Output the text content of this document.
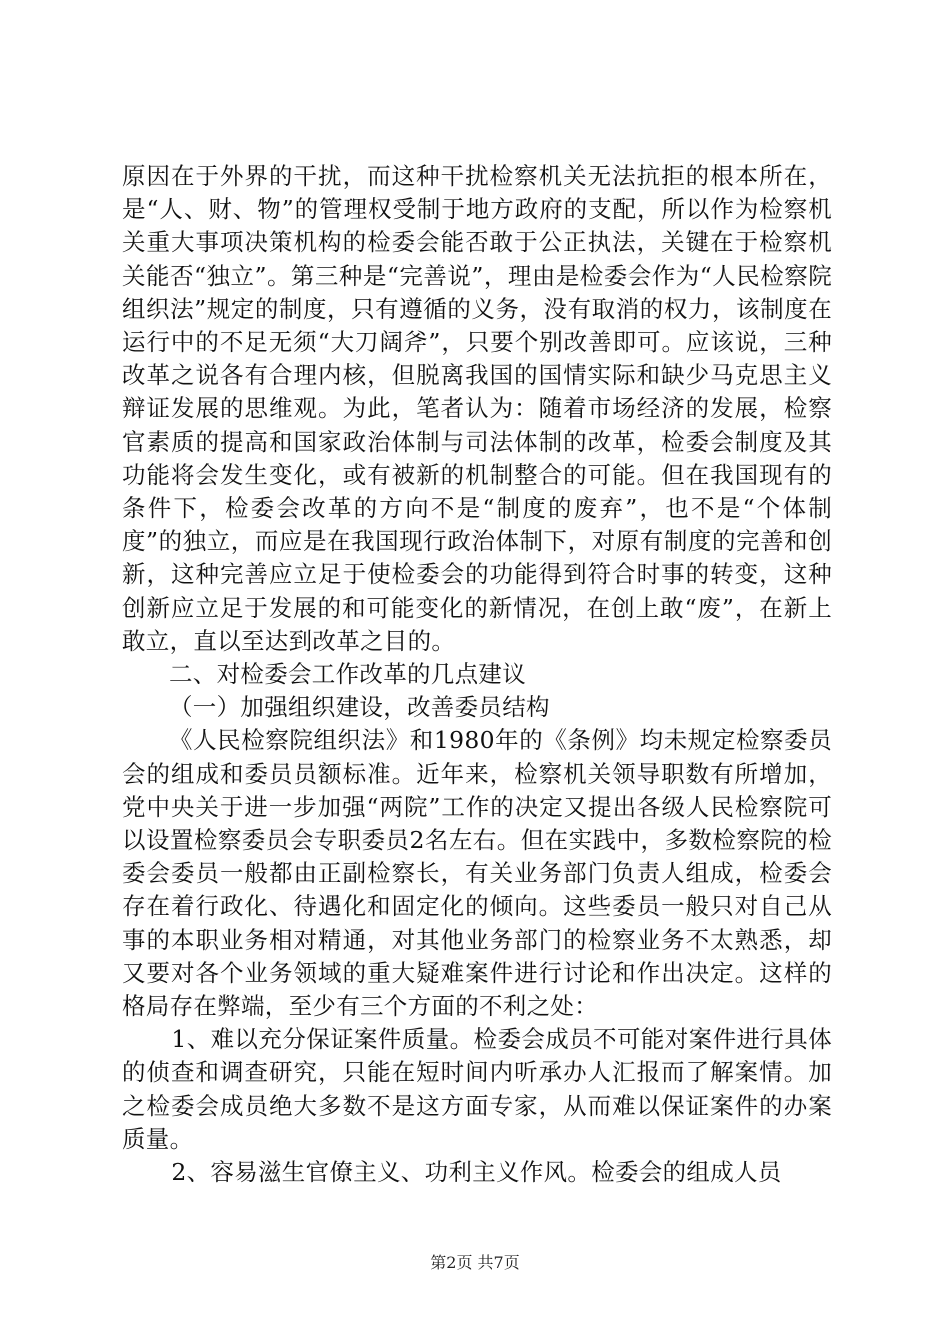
原因在于外界的干扰，而这种干扰检察机关无法抗拒的根本所在，是“人、财、物”的管理权受制于地方政府的支配，所以作为检察机关重大事项决策机构的检委会能否敢于公正执法，关键在于检察机关能否“独立”。第三种是“完善说”，理由是检委会作为“人民检察院组织法”规定的制度，只有遵循的义务，没有取消的权力，该制度在运行中的不足无须“大刀阔斧”，只要个别改善即可。应该说，三种改革之说各有合理内核，但脱离我国的国情实际和缺少马克思主义辩证发展的思维观。为此，笔者认为：随着市场经济的发展，检察官素质的提高和国家政治体制与司法体制的改革，检委会制度及其功能将会发生变化，或有被新的机制整合的可能。但在我国现有的条件下，检委会改革的方向不是“制度的废弃”，也不是“个体制度”的独立，而应是在我国现行政治体制下，对原有制度的完善和创新，这种完善应立足于使检委会的功能得到符合时事的转变，这种创新应立足于发展的和可能变化的新情况，在创上敢“废”，在新上敢立，直以至达到改革之目的。

二、对检委会工作改革的几点建议

（一）加强组织建设，改善委员结构

《人民检察院组织法》和1980年的《条例》均未规定检察委员会的组成和委员员额标准。近年来，检察机关领导职数有所增加，党中央关于进一步加强“两院”工作的决定又提出各级人民检察院可以设置检察委员会专职委员2名左右。但在实践中，多数检察院的检委会委员一般都由正副检察长，有关业务部门负责人组成，检委会存在着行政化、待遇化和固定化的倾向。这些委员一般只对自己从事的本职业务相对精通，对其他业务部门的检察业务不太熟悉，却又要对各个业务领域的重大疑难案件进行讨论和作出决定。这样的格局存在弊端，至少有三个方面的不利之处：

1、难以充分保证案件质量。检委会成员不可能对案件进行具体的侦查和调查研究，只能在短时间内听承办人汇报而了解案情。加之检委会成员绝大多数不是这方面专家，从而难以保证案件的办案质量。

2、容易滋生官僚主义、功利主义作风。检委会的组成人员

第2页 共7页
